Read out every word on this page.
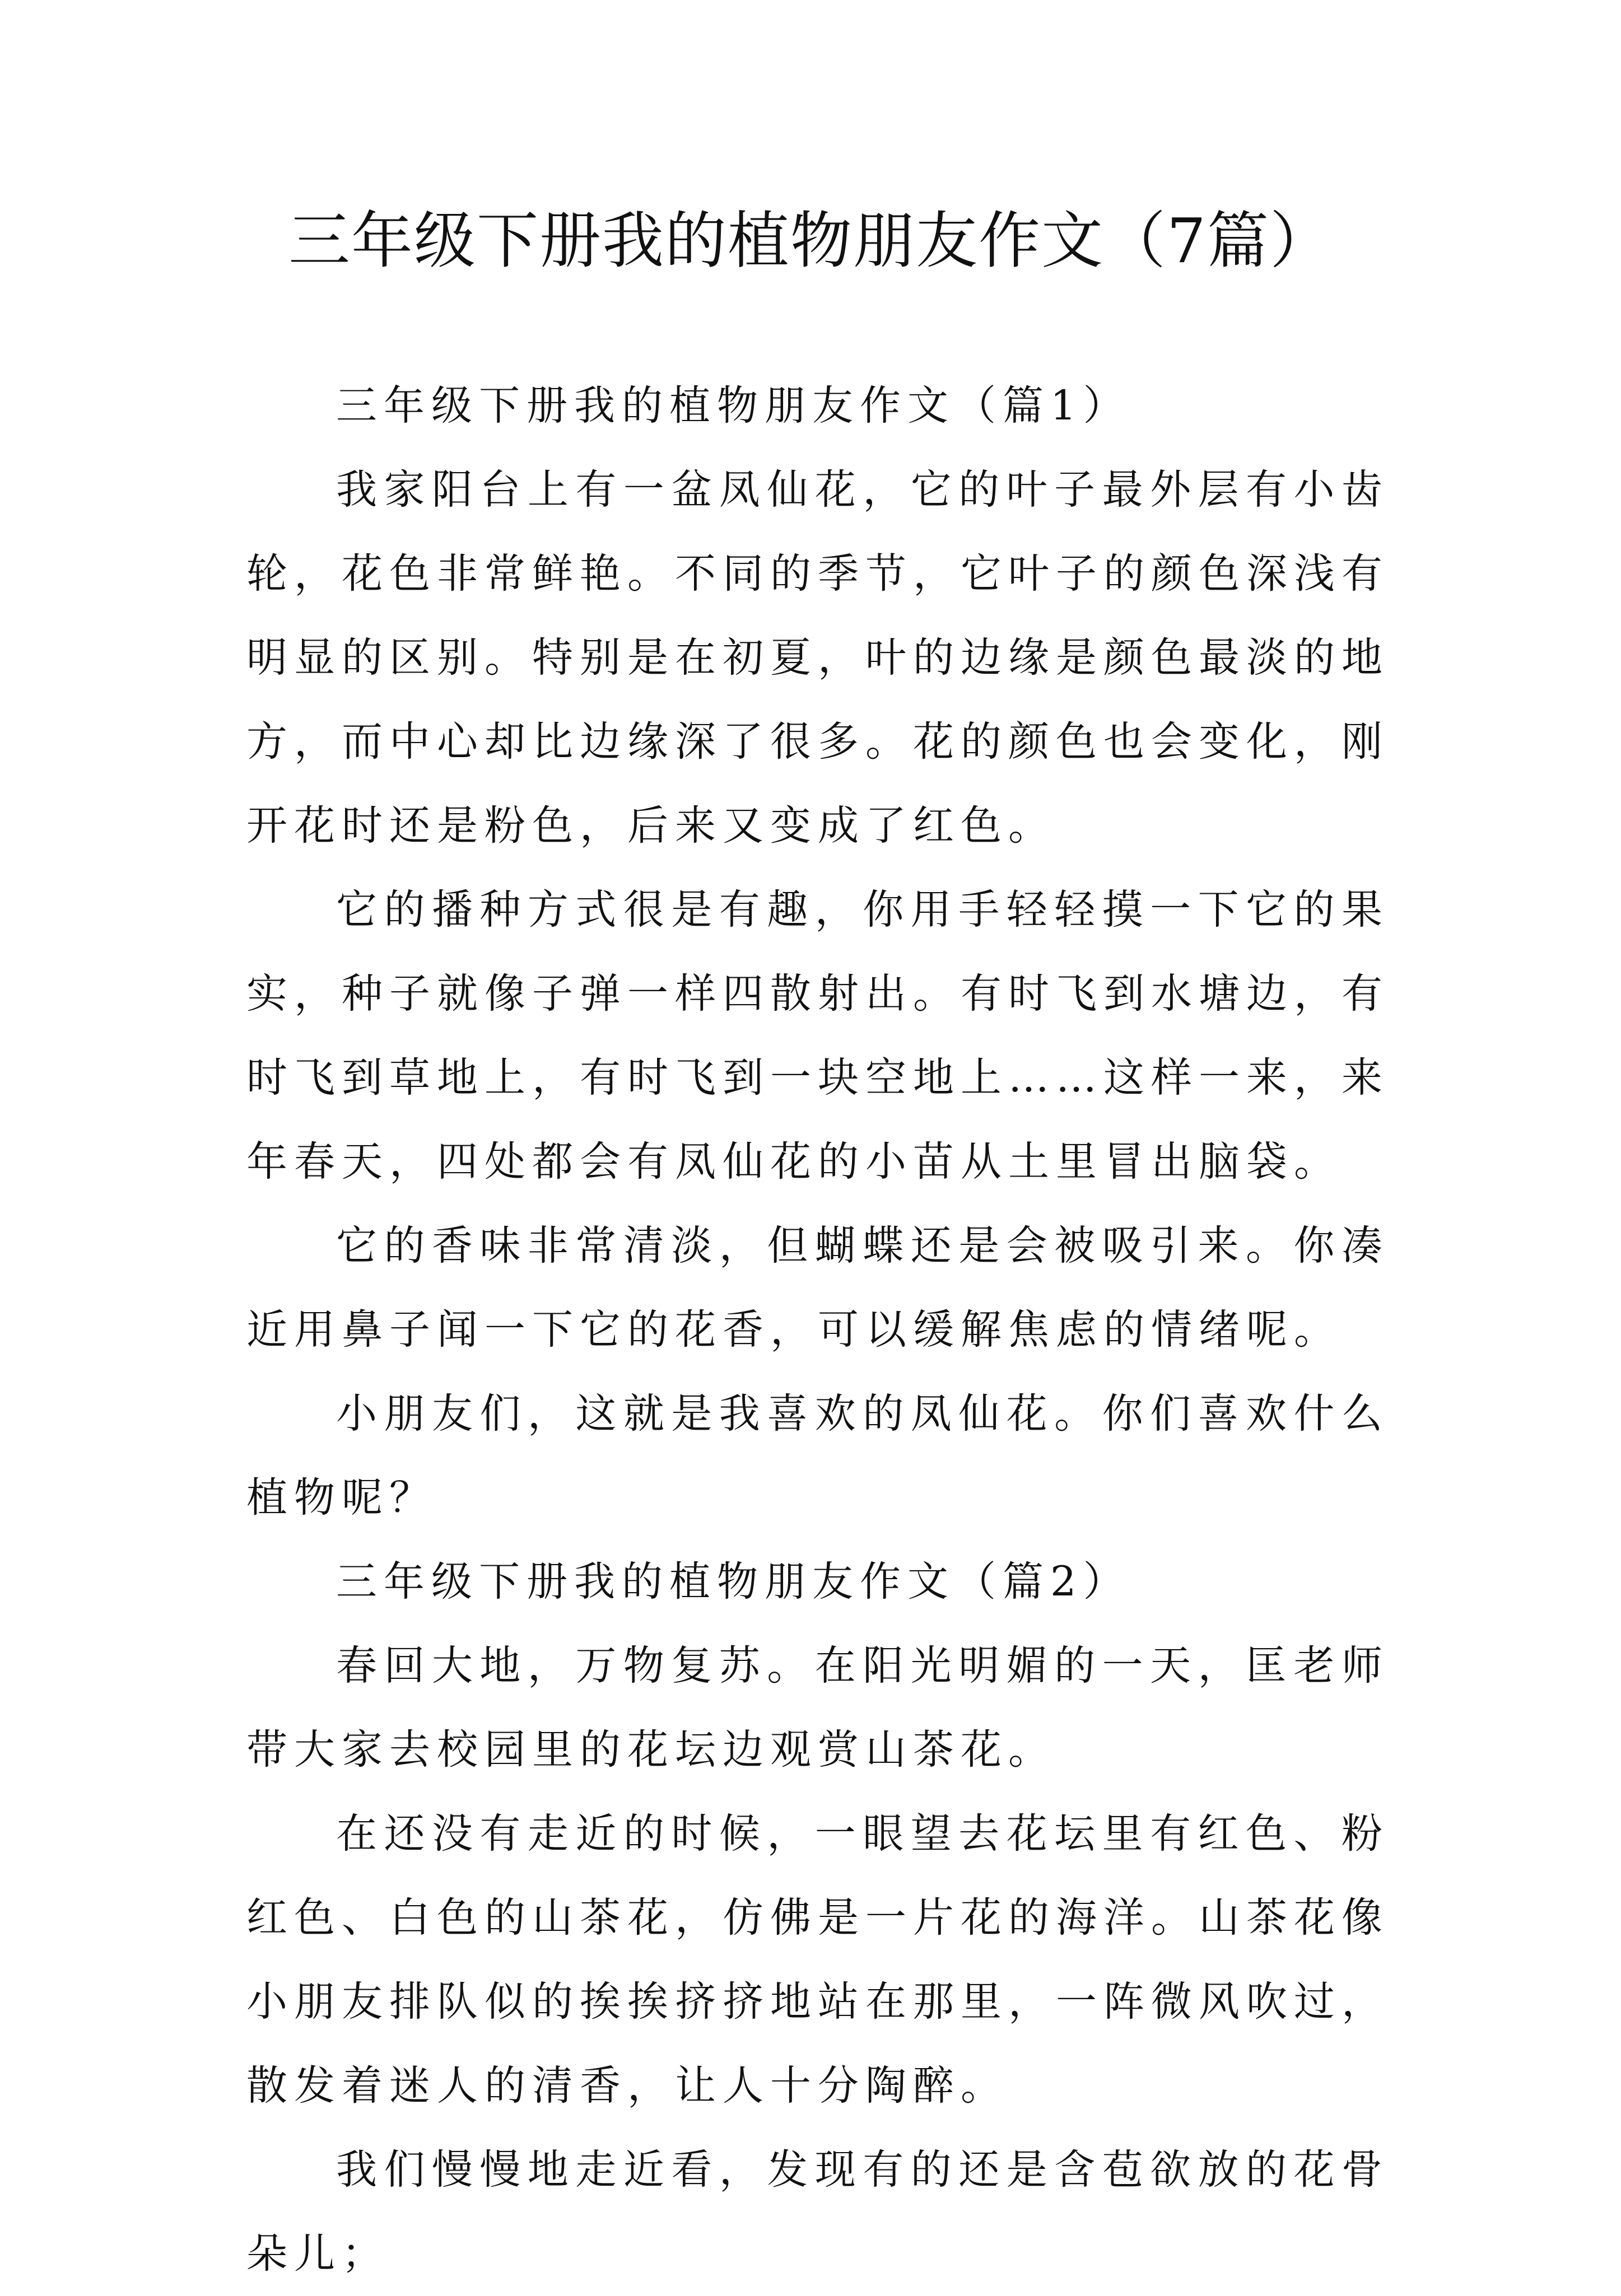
三年级下册我的植物朋友作文（7篇）

三年级下册我的植物朋友作文（篇1）

我家阳台上有一盆凤仙花，它的叶子最外层有小齿轮，花色非常鲜艳。不同的季节，它叶子的颜色深浅有明显的区别。特别是在初夏，叶的边缘是颜色最淡的地方，而中心却比边缘深了很多。花的颜色也会变化，刚开花时还是粉色，后来又变成了红色。

它的播种方式很是有趣，你用手轻轻摸一下它的果实，种子就像子弹一样四散射出。有时飞到水塘边，有时飞到草地上，有时飞到一块空地上……这样一来，来年春天，四处都会有凤仙花的小苗从土里冒出脑袋。

它的香味非常清淡，但蝴蝶还是会被吸引来。你凑近用鼻子闻一下它的花香，可以缓解焦虑的情绪呢。

小朋友们，这就是我喜欢的凤仙花。你们喜欢什么植物呢？

三年级下册我的植物朋友作文（篇2）

春回大地，万物复苏。在阳光明媚的一天，匡老师带大家去校园里的花坛边观赏山茶花。

在还没有走近的时候，一眼望去花坛里有红色、粉红色、白色的山茶花，仿佛是一片花的海洋。山茶花像小朋友排队似的挨挨挤挤地站在那里，一阵微风吹过，散发着迷人的清香，让人十分陶醉。

我们慢慢地走近看，发现有的还是含苞欲放的花骨朵儿；
